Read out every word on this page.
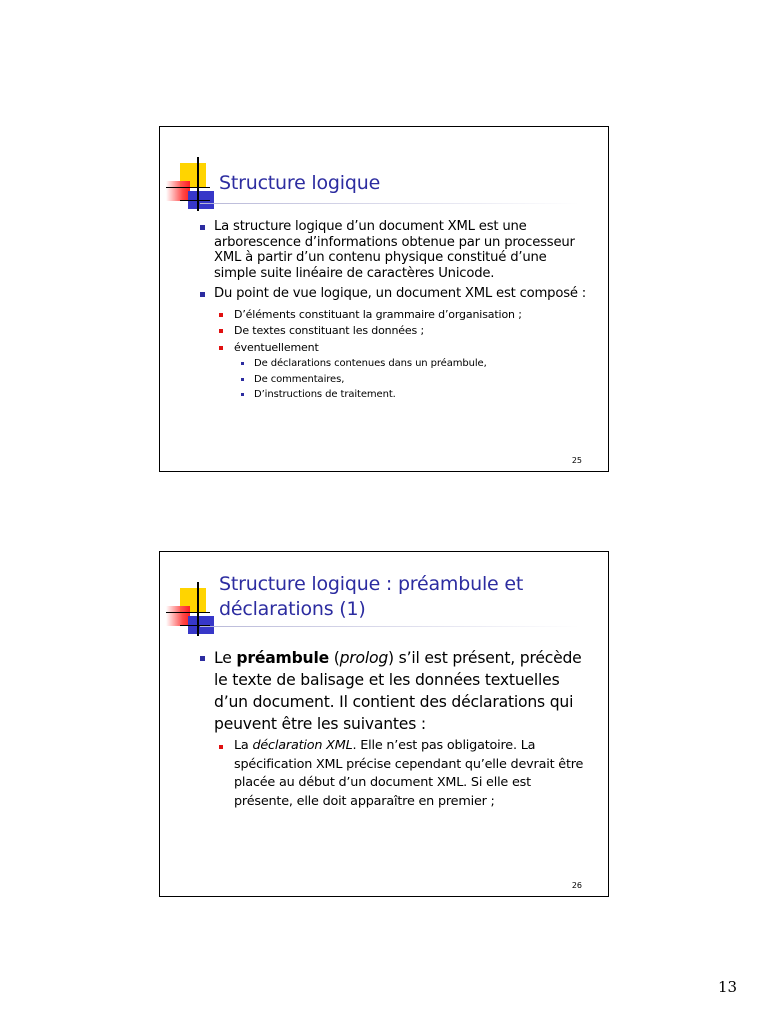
Structure logique
La structure logique d’un document XML est une arborescence d’informations obtenue par un processeur XML à partir d’un contenu physique constitué d’une simple suite linéaire de caractères Unicode.
Du point de vue logique, un document XML est composé :
D’éléments constituant la grammaire d’organisation ;
De textes constituant les données ;
éventuellement
De déclarations contenues dans un préambule,
De commentaires,
D’instructions de traitement.
25
Structure logique : préambule et déclarations (1)
Le préambule (prolog) s’il est présent, précède le texte de balisage et les données textuelles d’un document. Il contient des déclarations qui peuvent être les suivantes :
La déclaration XML. Elle n’est pas obligatoire. La spécification XML précise cependant qu’elle devrait être placée au début d’un document XML. Si elle est présente, elle doit apparaître en premier ;
26
13
